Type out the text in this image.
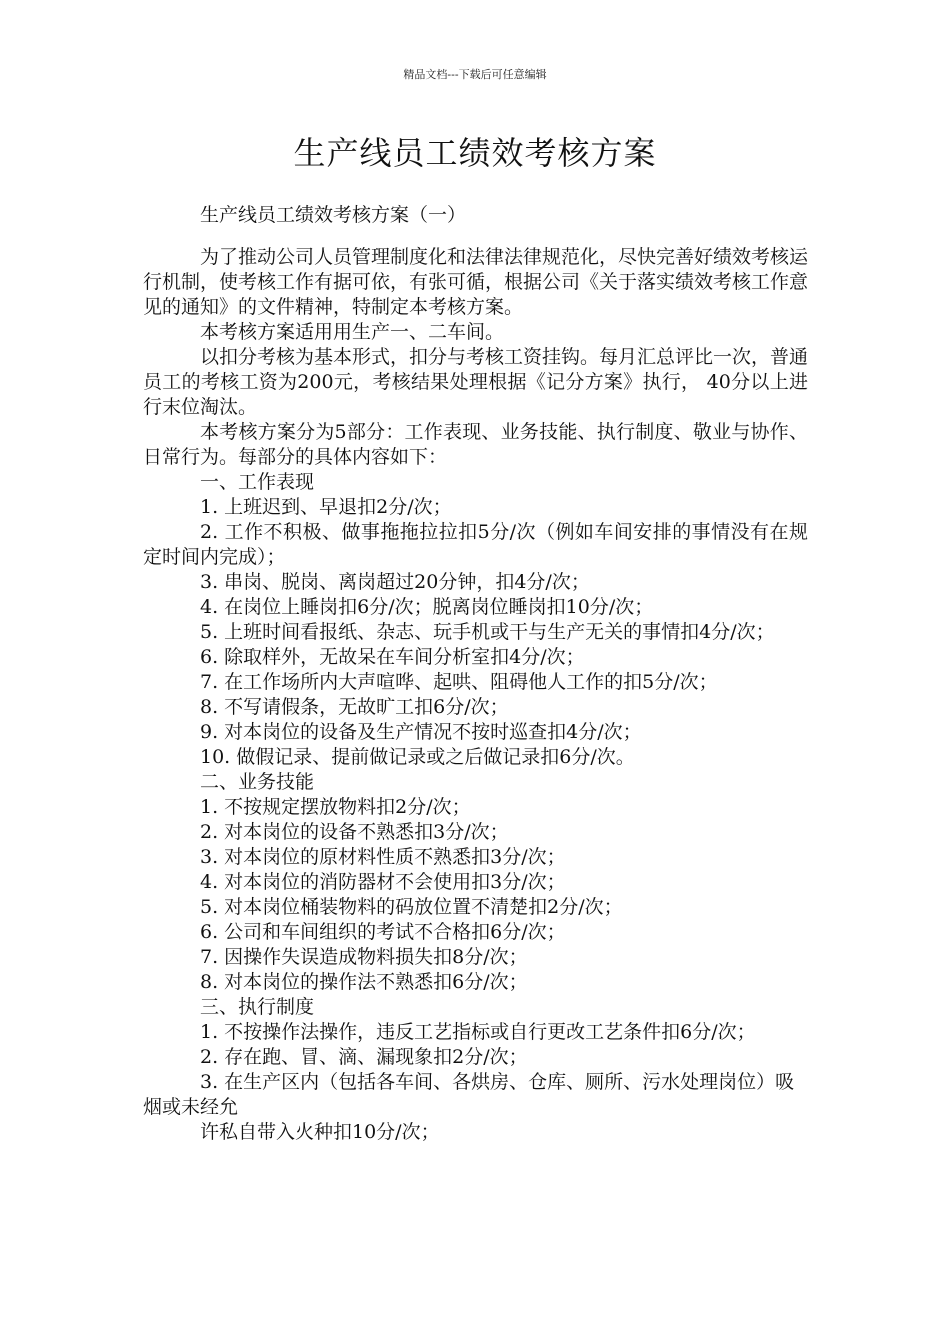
精品文档---下载后可任意编辑
生产线员工绩效考核方案
生产线员工绩效考核方案（一）

为了推动公司人员管理制度化和法律法律规范化，尽快完善好绩效考核运行机制，使考核工作有据可依，有张可循，根据公司《关于落实绩效考核工作意见的通知》的文件精神，特制定本考核方案。

本考核方案适用用生产一、二车间。

以扣分考核为基本形式，扣分与考核工资挂钩。每月汇总评比一次，普通员工的考核工资为200元，考核结果处理根据《记分方案》执行， 40分以上进行末位淘汰。

本考核方案分为5部分：工作表现、业务技能、执行制度、敬业与协作、日常行为。每部分的具体内容如下：

一、工作表现

1. 上班迟到、早退扣2分/次；

2. 工作不积极、做事拖拖拉拉扣5分/次（例如车间安排的事情没有在规定时间内完成）；

3. 串岗、脱岗、离岗超过20分钟，扣4分/次；

4. 在岗位上睡岗扣6分/次；脱离岗位睡岗扣10分/次；

5. 上班时间看报纸、杂志、玩手机或干与生产无关的事情扣4分/次；

6. 除取样外，无故呆在车间分析室扣4分/次；

7. 在工作场所内大声喧哗、起哄、阻碍他人工作的扣5分/次；

8. 不写请假条，无故旷工扣6分/次；

9. 对本岗位的设备及生产情况不按时巡查扣4分/次；

10. 做假记录、提前做记录或之后做记录扣6分/次。

二、业务技能

1. 不按规定摆放物料扣2分/次；

2. 对本岗位的设备不熟悉扣3分/次；

3. 对本岗位的原材料性质不熟悉扣3分/次；

4. 对本岗位的消防器材不会使用扣3分/次；

5. 对本岗位桶装物料的码放位置不清楚扣2分/次；

6. 公司和车间组织的考试不合格扣6分/次；

7. 因操作失误造成物料损失扣8分/次；

8. 对本岗位的操作法不熟悉扣6分/次；

三、执行制度

1. 不按操作法操作，违反工艺指标或自行更改工艺条件扣6分/次；

2. 存在跑、冒、滴、漏现象扣2分/次；

3. 在生产区内（包括各车间、各烘房、仓库、厕所、污水处理岗位）吸烟或未经允

许私自带入火种扣10分/次；
